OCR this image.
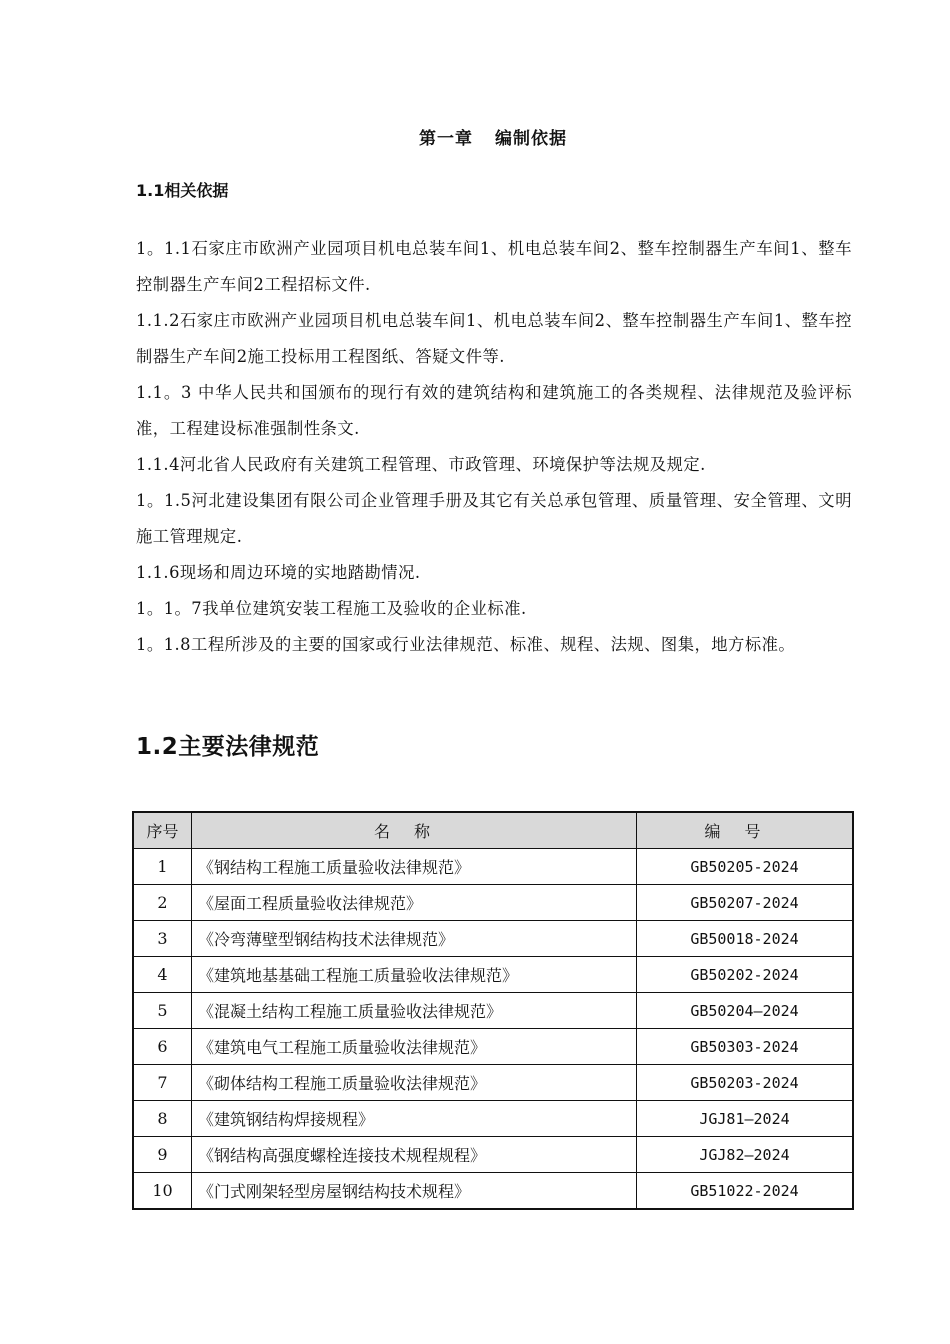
第一章 编制依据
1.1相关依据

1。1.1石家庄市欧洲产业园项目机电总装车间1、机电总装车间2、整车控制器生产车间1、整车控制器生产车间2工程招标文件.

1.1.2石家庄市欧洲产业园项目机电总装车间1、机电总装车间2、整车控制器生产车间1、整车控制器生产车间2施工投标用工程图纸、答疑文件等.

1.1。3 中华人民共和国颁布的现行有效的建筑结构和建筑施工的各类规程、法律规范及验评标准，工程建设标准强制性条文.

1.1.4河北省人民政府有关建筑工程管理、市政管理、环境保护等法规及规定.

1。1.5河北建设集团有限公司企业管理手册及其它有关总承包管理、质量管理、安全管理、文明施工管理规定.

1.1.6现场和周边环境的实地踏勘情况.

1。1。7我单位建筑安装工程施工及验收的企业标准.

1。1.8工程所涉及的主要的国家或行业法律规范、标准、规程、法规、图集，地方标准。

1.2主要法律规范
序号	名称	编号
1	《钢结构工程施工质量验收法律规范》	GB50205-2024
2	《屋面工程质量验收法律规范》	GB50207-2024
3	《冷弯薄壁型钢结构技术法律规范》	GB50018-2024
4	《建筑地基基础工程施工质量验收法律规范》	GB50202-2024
5	《混凝土结构工程施工质量验收法律规范》	GB50204—2024
6	《建筑电气工程施工质量验收法律规范》	GB50303-2024
7	《砌体结构工程施工质量验收法律规范》	GB50203-2024
8	《建筑钢结构焊接规程》	JGJ81—2024
9	《钢结构高强度螺栓连接技术规程规程》	JGJ82—2024
10	《门式刚架轻型房屋钢结构技术规程》	GB51022-2024
